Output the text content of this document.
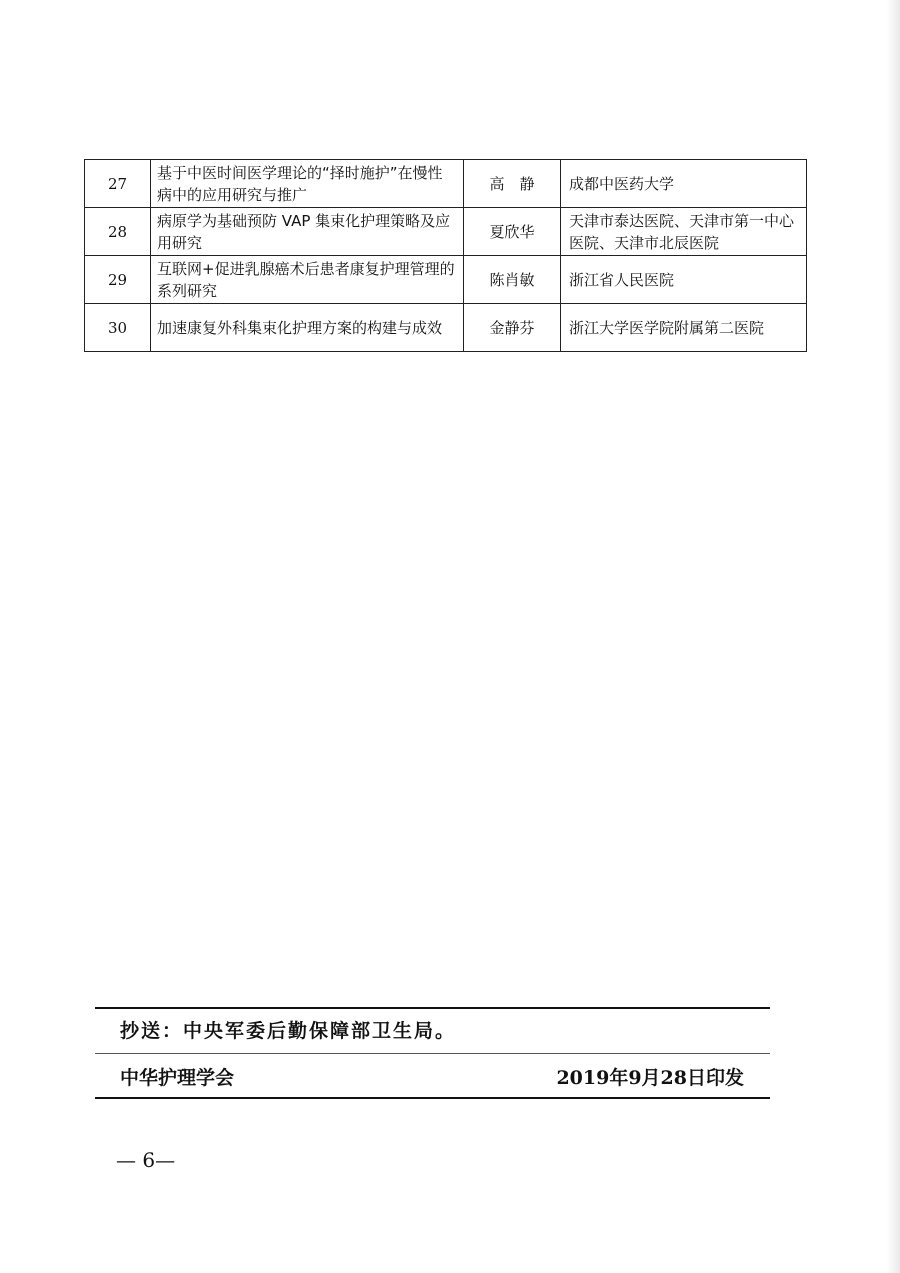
27	基于中医时间医学理论的“择时施护”在慢性病中的应用研究与推广	高　静	成都中医药大学
28	病原学为基础预防 VAP 集束化护理策略及应用研究	夏欣华	天津市泰达医院、天津市第一中心医院、天津市北辰医院
29	互联网+促进乳腺癌术后患者康复护理管理的系列研究	陈肖敏	浙江省人民医院
30	加速康复外科集束化护理方案的构建与成效	金静芬	浙江大学医学院附属第二医院
抄送：中央军委后勤保障部卫生局。
中华护理学会	2019年9月28日印发
— 6—
